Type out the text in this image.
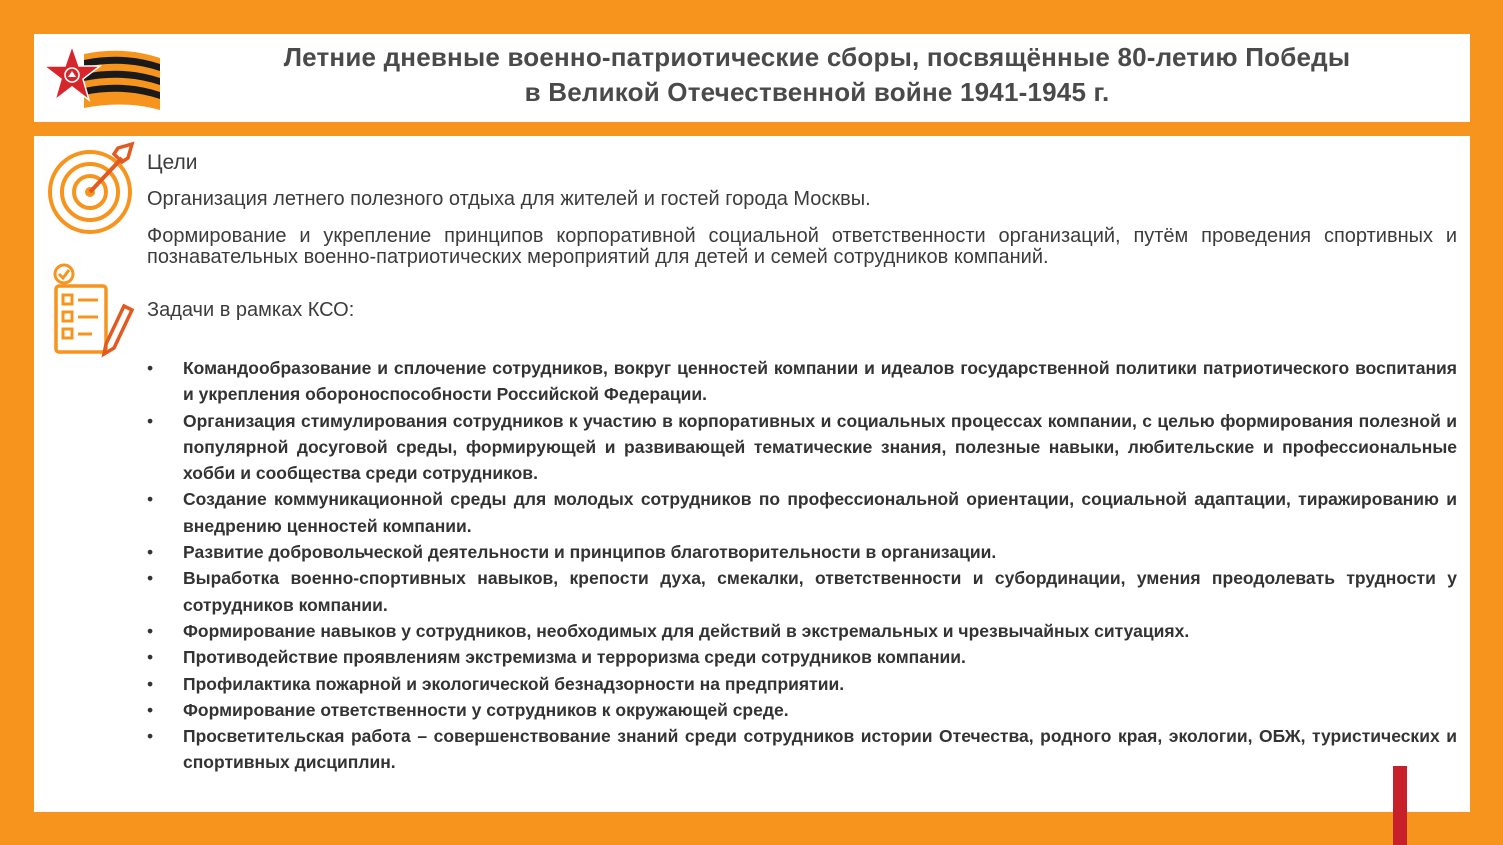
Летние дневные военно-патриотические сборы, посвящённые 80-летию Победы
в Великой Отечественной войне 1941-1945 г.
Цели
Организация летнего полезного отдыха для жителей и гостей города Москвы.
Формирование и укрепление принципов корпоративной социальной ответственности организаций, путём проведения спортивных и познавательных военно-патриотических мероприятий для детей и семей сотрудников компаний.
Задачи в рамках КСО:
• Командообразование и сплочение сотрудников, вокруг ценностей компании и идеалов государственной политики патриотического воспитания и укрепления обороноспособности Российской Федерации.
• Организация стимулирования сотрудников к участию в корпоративных и социальных процессах компании, с целью формирования полезной и популярной досуговой среды, формирующей и развивающей тематические знания, полезные навыки, любительские и профессиональные хобби и сообщества среди сотрудников.
• Создание коммуникационной среды для молодых сотрудников по профессиональной ориентации, социальной адаптации, тиражированию и внедрению ценностей компании.
• Развитие добровольческой деятельности и принципов благотворительности в организации.
• Выработка военно-спортивных навыков, крепости духа, смекалки, ответственности и субординации, умения преодолевать трудности у сотрудников компании.
• Формирование навыков у сотрудников, необходимых для действий в экстремальных и чрезвычайных ситуациях.
• Противодействие проявлениям экстремизма и терроризма среди сотрудников компании.
• Профилактика пожарной и экологической безнадзорности на предприятии.
• Формирование ответственности у сотрудников к окружающей среде.
• Просветительская работа – совершенствование знаний среди сотрудников истории Отечества, родного края, экологии, ОБЖ, туристических и спортивных дисциплин.
